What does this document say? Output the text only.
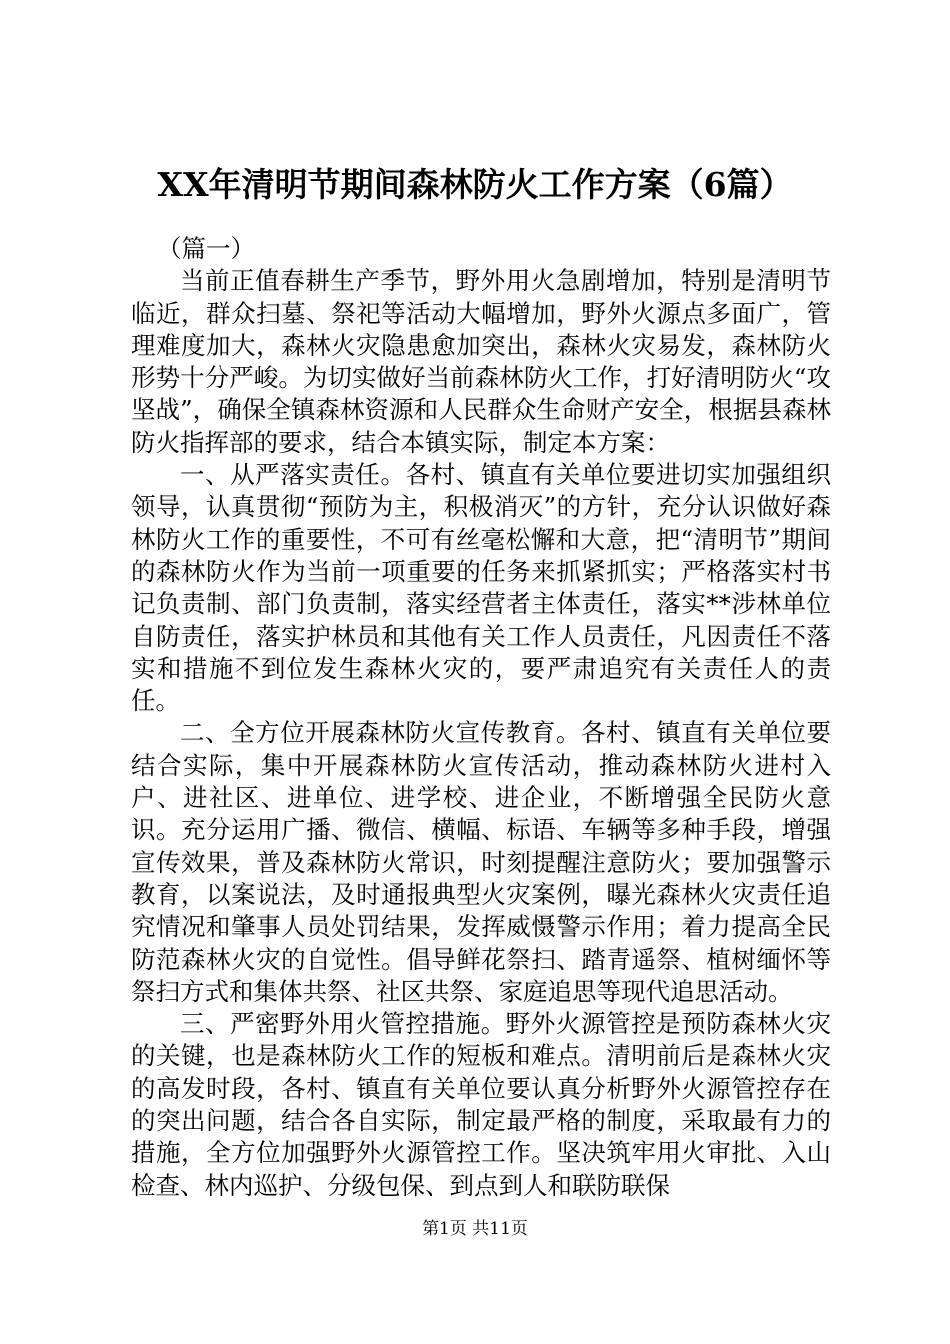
XX年清明节期间森林防火工作方案（6篇）

（篇一）

当前正值春耕生产季节，野外用火急剧增加，特别是清明节临近，群众扫墓、祭祀等活动大幅增加，野外火源点多面广，管理难度加大，森林火灾隐患愈加突出，森林火灾易发，森林防火形势十分严峻。为切实做好当前森林防火工作，打好清明防火“攻坚战”，确保全镇森林资源和人民群众生命财产安全，根据县森林防火指挥部的要求，结合本镇实际，制定本方案：

一、从严落实责任。各村、镇直有关单位要进切实加强组织领导，认真贯彻“预防为主，积极消灭”的方针，充分认识做好森林防火工作的重要性，不可有丝毫松懈和大意，把“清明节”期间的森林防火作为当前一项重要的任务来抓紧抓实；严格落实村书记负责制、部门负责制，落实经营者主体责任，落实**涉林单位自防责任，落实护林员和其他有关工作人员责任，凡因责任不落实和措施不到位发生森林火灾的，要严肃追究有关责任人的责任。

二、全方位开展森林防火宣传教育。各村、镇直有关单位要结合实际，集中开展森林防火宣传活动，推动森林防火进村入户、进社区、进单位、进学校、进企业，不断增强全民防火意识。充分运用广播、微信、横幅、标语、车辆等多种手段，增强宣传效果，普及森林防火常识，时刻提醒注意防火；要加强警示教育，以案说法，及时通报典型火灾案例，曝光森林火灾责任追究情况和肇事人员处罚结果，发挥威慑警示作用；着力提高全民防范森林火灾的自觉性。倡导鲜花祭扫、踏青遥祭、植树缅怀等祭扫方式和集体共祭、社区共祭、家庭追思等现代追思活动。

三、严密野外用火管控措施。野外火源管控是预防森林火灾的关键，也是森林防火工作的短板和难点。清明前后是森林火灾的高发时段，各村、镇直有关单位要认真分析野外火源管控存在的突出问题，结合各自实际，制定最严格的制度，采取最有力的措施，全方位加强野外火源管控工作。坚决筑牢用火审批、入山检查、林内巡护、分级包保、到点到人和联防联保

第1页 共11页
